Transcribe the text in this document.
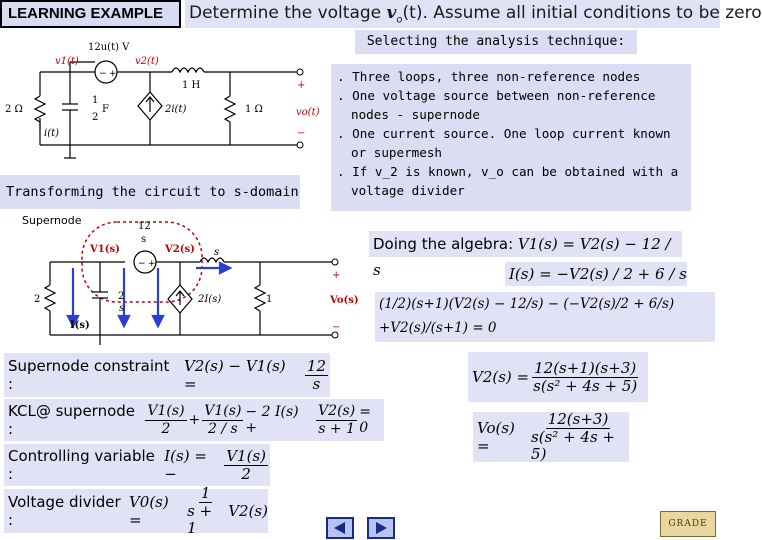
LEARNING EXAMPLE	Determine the voltage $v_o(t)$. Assume all initial conditions to be zero
Selecting the analysis technique:
. Three loops, three non-reference nodes
. One voltage source between non-reference
nodes - supernode
. One current source. One loop current known
or supermesh
. If v_2 is known, v_o can be obtained with a
voltage divider
12u(t) V
v1(t)	v2(t)
1 H
2 Ω
1
2
F	2i(t)	1 Ω
i(t)
+
−
vo(t)
− +
Transforming the circuit to s-domain
Supernode	12
s
V1(s)	V2(s) s
2	2
s
2I(s)	1
I(s)
+
−
Vo(s)
− +
Doing the algebra: V1(s) = V2(s) − 12 / s	I(s) = −V2(s) / 2 + 6 / s
(1/2)(s+1)(V2(s) − 12/s) − (−V2(s)/2 + 6/s)
+V2(s)/(s+1) = 0
$V2(s) = \frac{12(s+1)(s+3)}{\text{s(s² + 4s + 5)}}$
Vo(s) =	$\frac{12(s+3)}{\text{s(s² + 4s + 5)}}$
Supernode constraint :

V2(s) − V1(s) =	$\frac{12}{s}$
KCL@ supernode :	$\frac{V1(s)}{2} + \frac{V1(s)}{2 / s} - 2$ I(s) +	$\frac{V2(s)}{s + 1} = 0$
Controlling variable :

I(s) = −	$\frac{V1(s)}{2}$
Voltage divider :

V0(s) =	$\frac{1}{s + 1} V2(s)$
GRADE
